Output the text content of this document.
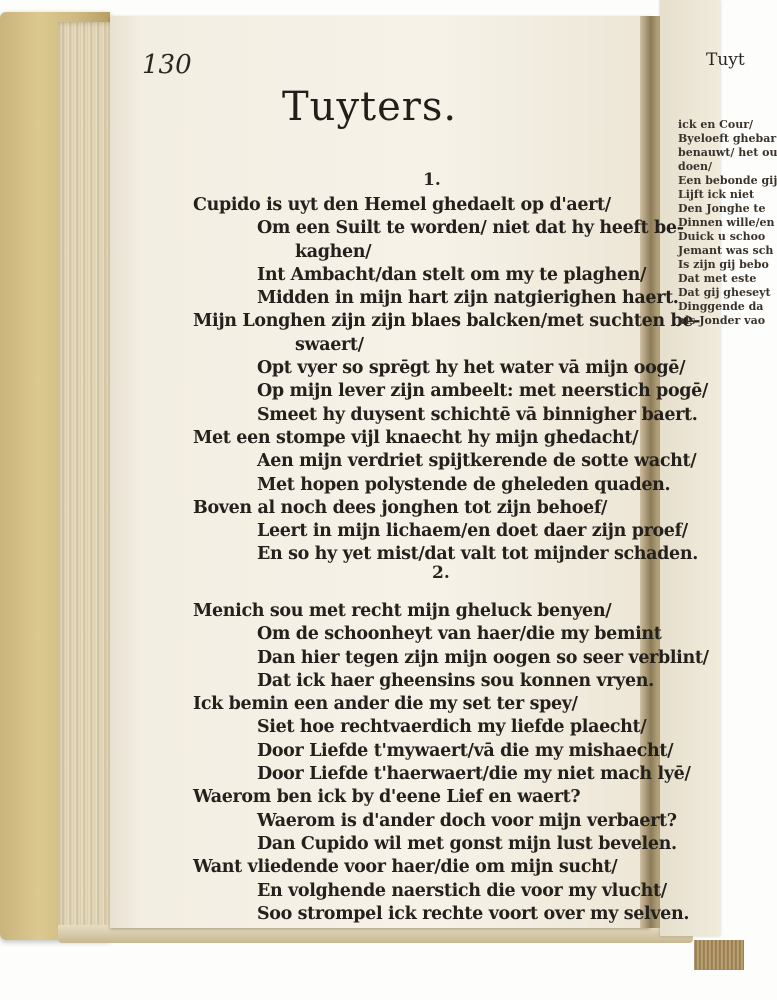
130
Tuyters.
1.
Cupido is uyt den Hemel ghedaelt op d'aert/
Om een Suilt te worden/ niet dat hy heeft be-
kaghen/
Int Ambacht/dan stelt om my te plaghen/
Midden in mijn hart zijn natgierighen haert.
Mijn Longhen zijn zijn blaes balcken/met suchten be-
swaert/
Opt vyer so sprēgt hy het water vā mijn oogē/
Op mijn lever zijn ambeelt: met neerstich pogē/
Smeet hy duysent schichtē vā binnigher baert.
Met een stompe vijl knaecht hy mijn ghedacht/
Aen mijn verdriet spijtkerende de sotte wacht/
Met hopen polystende de gheleden quaden.
Boven al noch dees jonghen tot zijn behoef/
Leert in mijn lichaem/en doet daer zijn proef/
En so hy yet mist/dat valt tot mijnder schaden.
2.
Menich sou met recht mijn gheluck benyen/
Om de schoonheyt van haer/die my bemint
Dan hier tegen zijn mijn oogen so seer verblint/
Dat ick haer gheensins sou konnen vryen.
Ick bemin een ander die my set ter spey/
Siet hoe rechtvaerdich my liefde plaecht/
Door Liefde t'mywaert/vā die my mishaecht/
Door Liefde t'haerwaert/die my niet mach lyē/
Waerom ben ick by d'eene Lief en waert?
Waerom is d'ander doch voor mijn verbaert?
Dan Cupido wil met gonst mijn lust bevelen.
Want vliedende voor haer/die om mijn sucht/
En volghende naerstich die voor my vlucht/
Soo strompel ick rechte voort over my selven.
Tuyt
ick en Cour/
Byeloeft ghebar
benauwt/ het ou
doen/
Een bebonde gij
Lijft ick niet
Den Jonghe te
Dinnen wille/en
Duick u schoo
Jemant was sch
Is zijn gij bebo
Dat met este
Dat gij gheseyt
Dinggende da
als Jonder vao
